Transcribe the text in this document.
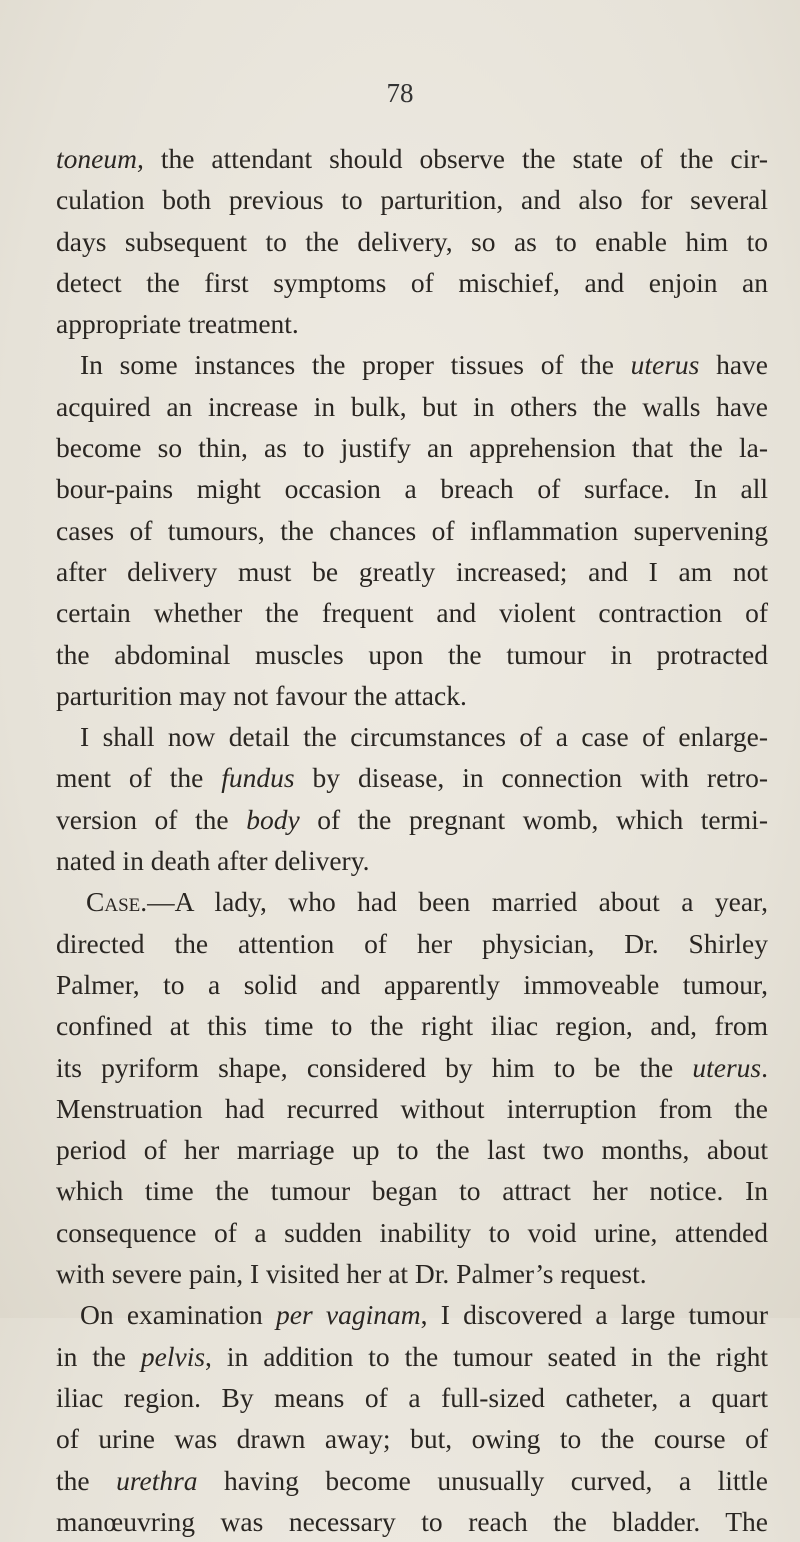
78
toneum, the attendant should observe the state of the cir-
culation both previous to parturition, and also for several
days subsequent to the delivery, so as to enable him to
detect the first symptoms of mischief, and enjoin an
appropriate treatment.
In some instances the proper tissues of the uterus have
acquired an increase in bulk, but in others the walls have
become so thin, as to justify an apprehension that the la-
bour-pains might occasion a breach of surface. In all
cases of tumours, the chances of inflammation supervening
after delivery must be greatly increased; and I am not
certain whether the frequent and violent contraction of
the abdominal muscles upon the tumour in protracted
parturition may not favour the attack.
I shall now detail the circumstances of a case of enlarge-
ment of the fundus by disease, in connection with retro-
version of the body of the pregnant womb, which termi-
nated in death after delivery.
Case.—A lady, who had been married about a year,
directed the attention of her physician, Dr. Shirley
Palmer, to a solid and apparently immoveable tumour,
confined at this time to the right iliac region, and, from
its pyriform shape, considered by him to be the uterus.
Menstruation had recurred without interruption from the
period of her marriage up to the last two months, about
which time the tumour began to attract her notice. In
consequence of a sudden inability to void urine, attended
with severe pain, I visited her at Dr. Palmer’s request.
On examination per vaginam, I discovered a large tumour
in the pelvis, in addition to the tumour seated in the right
iliac region. By means of a full-sized catheter, a quart
of urine was drawn away; but, owing to the course of
the urethra having become unusually curved, a little
manœuvring was necessary to reach the bladder. The
